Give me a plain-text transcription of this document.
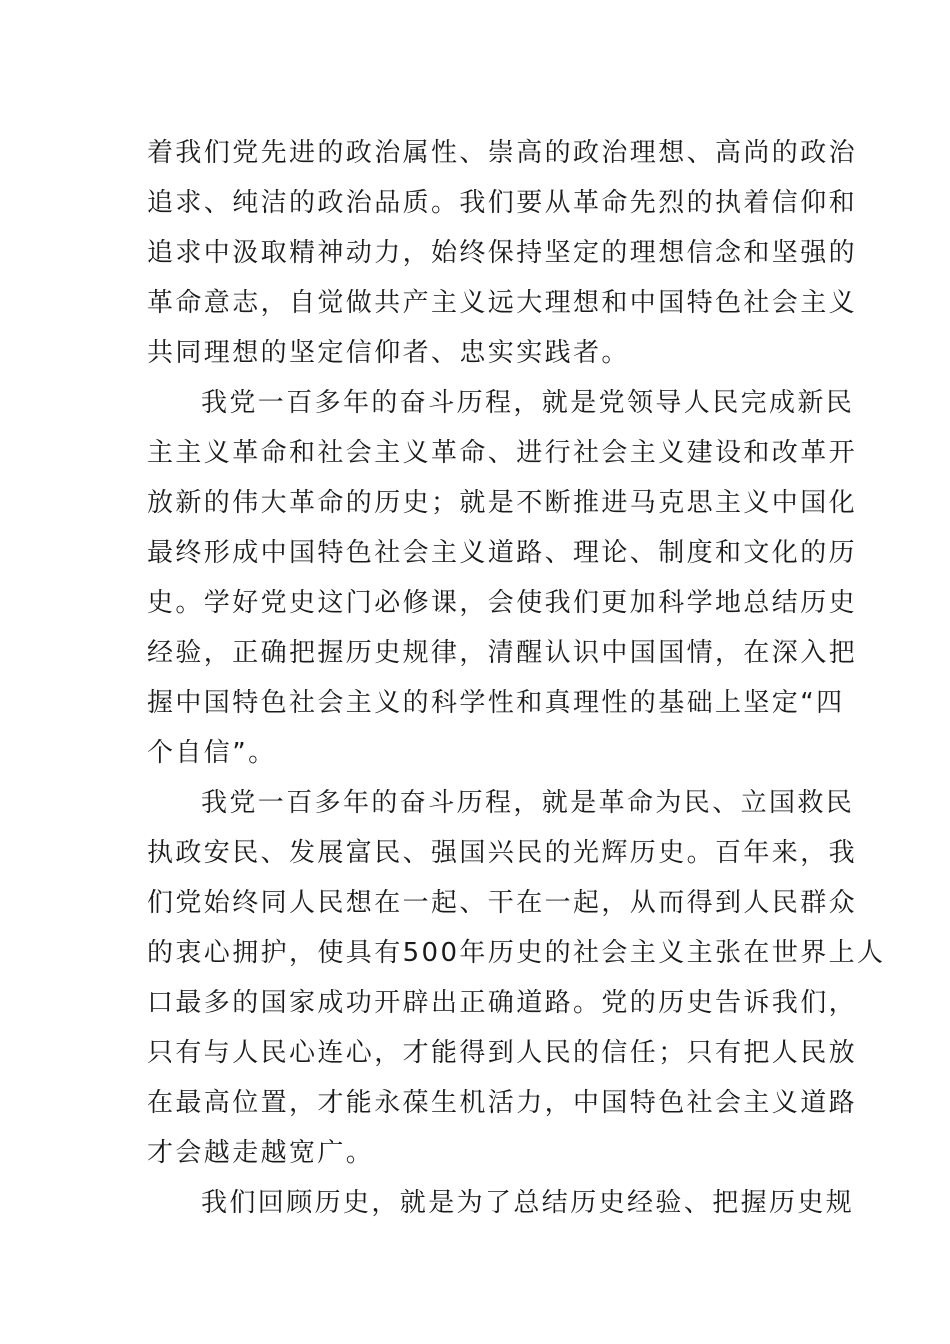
着我们党先进的政治属性、崇高的政治理想、高尚的政治
追求、纯洁的政治品质。我们要从革命先烈的执着信仰和
追求中汲取精神动力，始终保持坚定的理想信念和坚强的
革命意志，自觉做共产主义远大理想和中国特色社会主义
共同理想的坚定信仰者、忠实实践者。
我党一百多年的奋斗历程，就是党领导人民完成新民
主主义革命和社会主义革命、进行社会主义建设和改革开
放新的伟大革命的历史；就是不断推进马克思主义中国化
最终形成中国特色社会主义道路、理论、制度和文化的历
史。学好党史这门必修课，会使我们更加科学地总结历史
经验，正确把握历史规律，清醒认识中国国情，在深入把
握中国特色社会主义的科学性和真理性的基础上坚定“四
个自信”。
我党一百多年的奋斗历程，就是革命为民、立国救民
执政安民、发展富民、强国兴民的光辉历史。百年来，我
们党始终同人民想在一起、干在一起，从而得到人民群众
的衷心拥护，使具有500年历史的社会主义主张在世界上人
口最多的国家成功开辟出正确道路。党的历史告诉我们，
只有与人民心连心，才能得到人民的信任；只有把人民放
在最高位置，才能永葆生机活力，中国特色社会主义道路
才会越走越宽广。
我们回顾历史，就是为了总结历史经验、把握历史规
